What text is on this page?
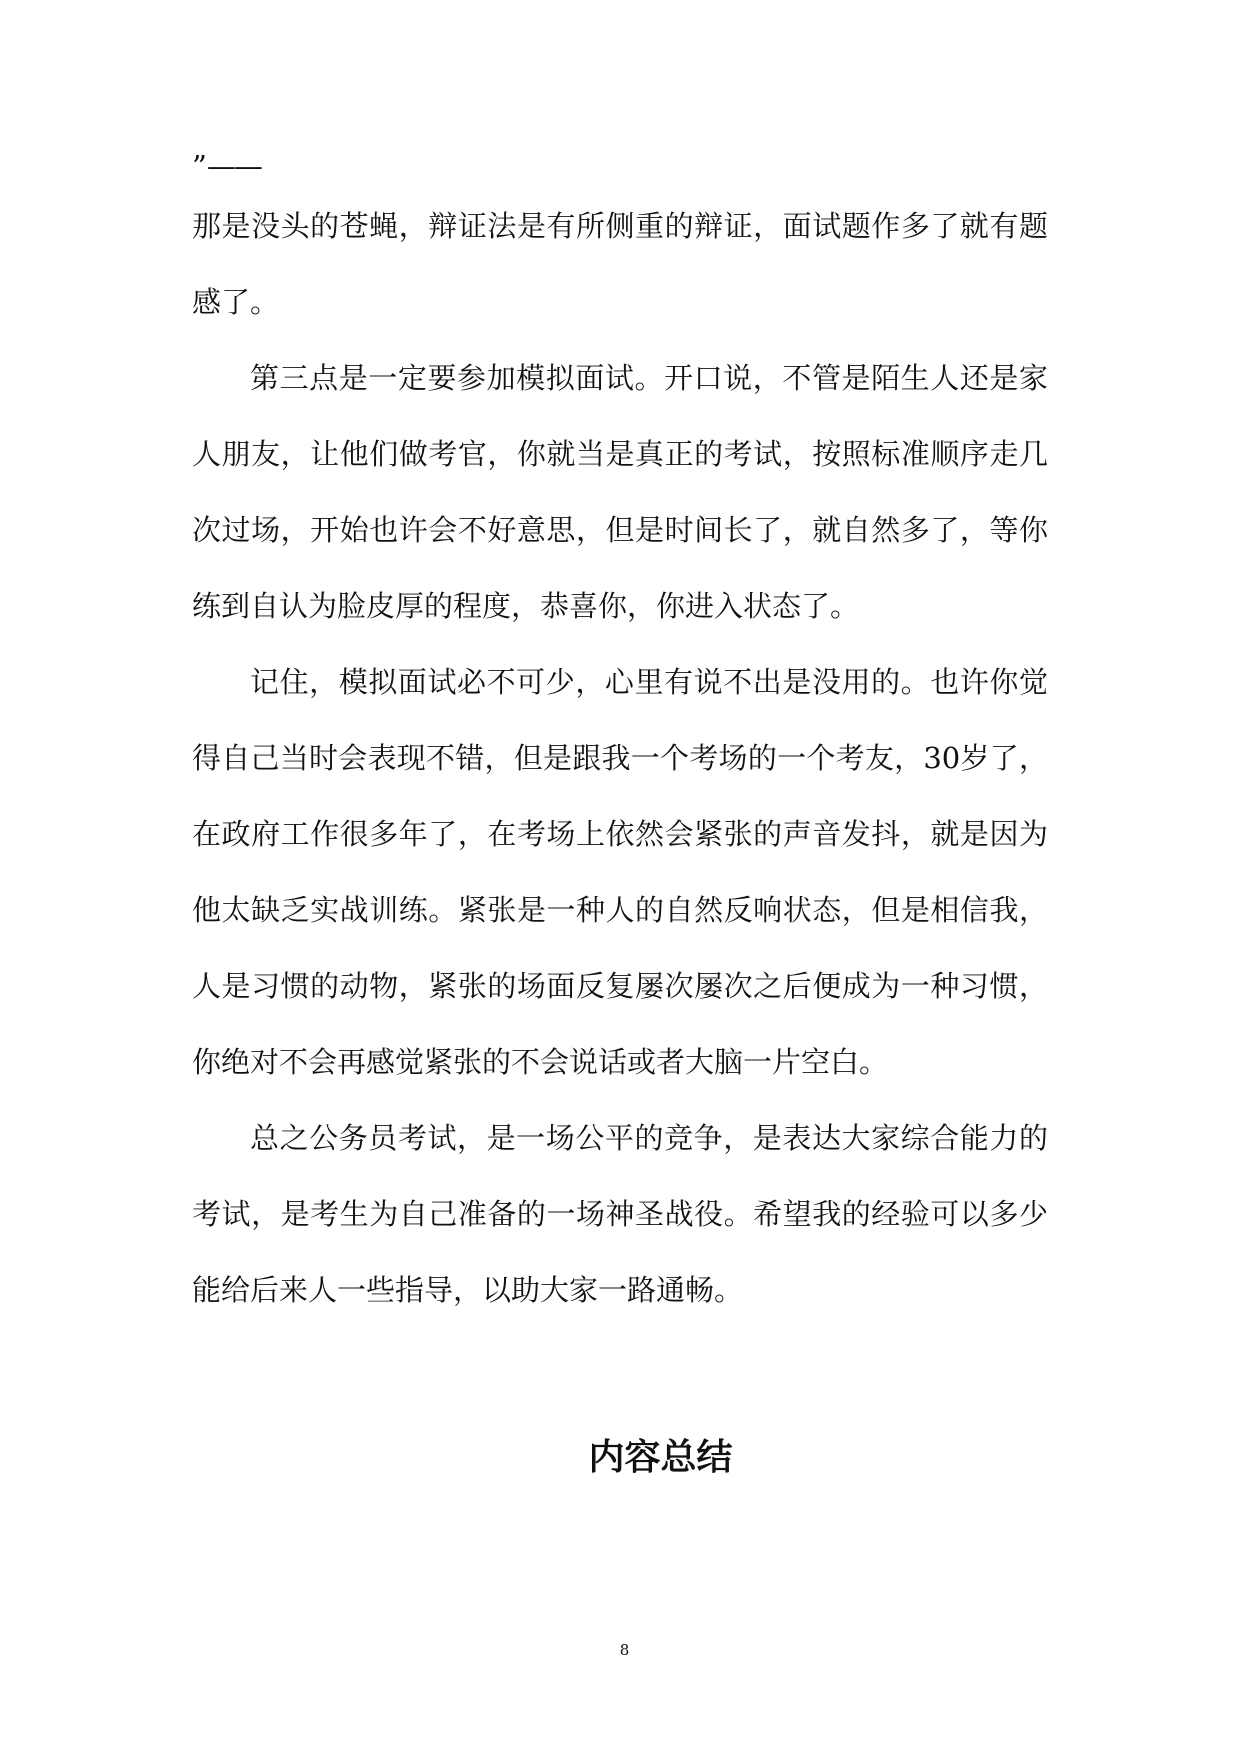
”——
那是没头的苍蝇，辩证法是有所侧重的辩证，面试题作多了就有题
感了。
第三点是一定要参加模拟面试。开口说，不管是陌生人还是家
人朋友，让他们做考官，你就当是真正的考试，按照标准顺序走几
次过场，开始也许会不好意思，但是时间长了，就自然多了，等你
练到自认为脸皮厚的程度，恭喜你，你进入状态了。
记住，模拟面试必不可少，心里有说不出是没用的。也许你觉
得自己当时会表现不错，但是跟我一个考场的一个考友，30岁了，
在政府工作很多年了，在考场上依然会紧张的声音发抖，就是因为
他太缺乏实战训练。紧张是一种人的自然反响状态，但是相信我，
人是习惯的动物，紧张的场面反复屡次屡次之后便成为一种习惯，
你绝对不会再感觉紧张的不会说话或者大脑一片空白。
总之公务员考试，是一场公平的竞争，是表达大家综合能力的
考试，是考生为自己准备的一场神圣战役。希望我的经验可以多少
能给后来人一些指导，以助大家一路通畅。
内容总结
8
